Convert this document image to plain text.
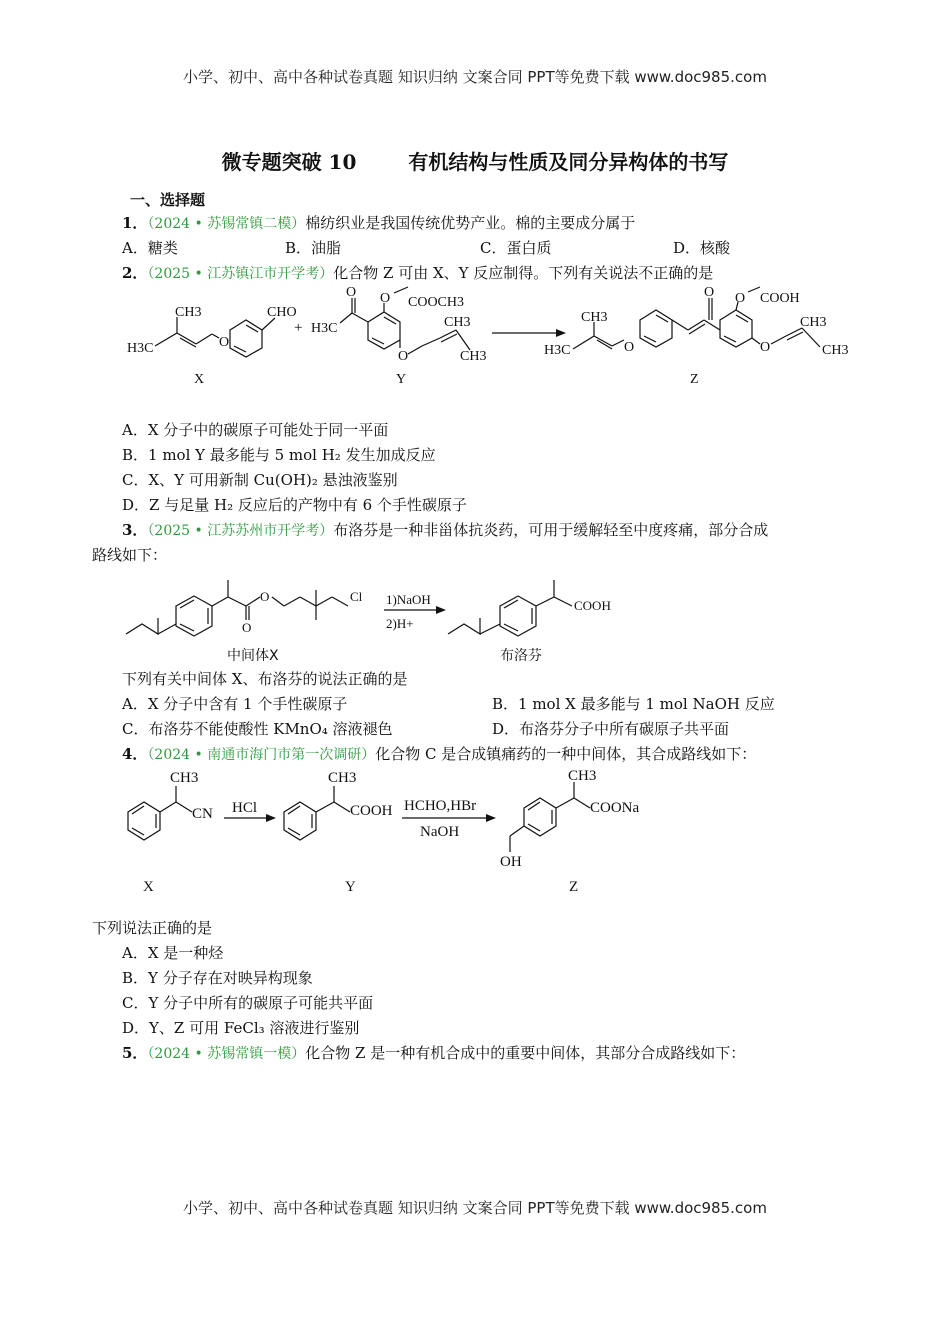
小学、初中、高中各种试卷真题 知识归纳 文案合同 PPT等免费下载 www.doc985.com
微专题突破 10	有机结构与性质及同分异构体的书写
一、选择题
1．（2024 • 苏锡常镇二模）棉纺织业是我国传统优势产业。棉的主要成分属于
A．糖类	B．油脂	C．蛋白质	D．核酸
2．（2025 • 江苏镇江市开学考）化合物 Z 可由 X、Y 反应制得。下列有关说法不正确的是
CH3
H3C	O
CHO
+
O
H3C
O COOCH3
O
CH3
CH3	H3C
CH3
O
O O COOH
O
CH3
CH3
X	Y	Z
A．X 分子中的碳原子可能处于同一平面
B．1 mol Y 最多能与 5 mol H₂ 发生加成反应
C．X、Y 可用新制 Cu(OH)₂ 悬浊液鉴别
D．Z 与足量 H₂ 反应后的产物中有 6 个手性碳原子
3．（2025 • 江苏苏州市开学考）布洛芬是一种非甾体抗炎药，可用于缓解轻至中度疼痛，部分合成
路线如下：
O
O
Cl
中间体X
1)NaOH
2)H+
COOH
布洛芬
下列有关中间体 X、布洛芬的说法正确的是
A．X 分子中含有 1 个手性碳原子	B．1 mol X 最多能与 1 mol NaOH 反应
C．布洛芬不能使酸性 KMnO₄ 溶液褪色	D．布洛芬分子中所有碳原子共平面
4．（2024 • 南通市海门市第一次调研）化合物 C 是合成镇痛药的一种中间体，其合成路线如下：
CH3
CN HCl
CH3
COOH HCHO,HBr
NaOH
CH3
COONa
OH
X	Y	Z
下列说法正确的是
A．X 是一种烃
B．Y 分子存在对映异构现象
C．Y 分子中所有的碳原子可能共平面
D．Y、Z 可用 FeCl₃ 溶液进行鉴别
5．（2024 • 苏锡常镇一模）化合物 Z 是一种有机合成中的重要中间体，其部分合成路线如下：
小学、初中、高中各种试卷真题 知识归纳 文案合同 PPT等免费下载 www.doc985.com
